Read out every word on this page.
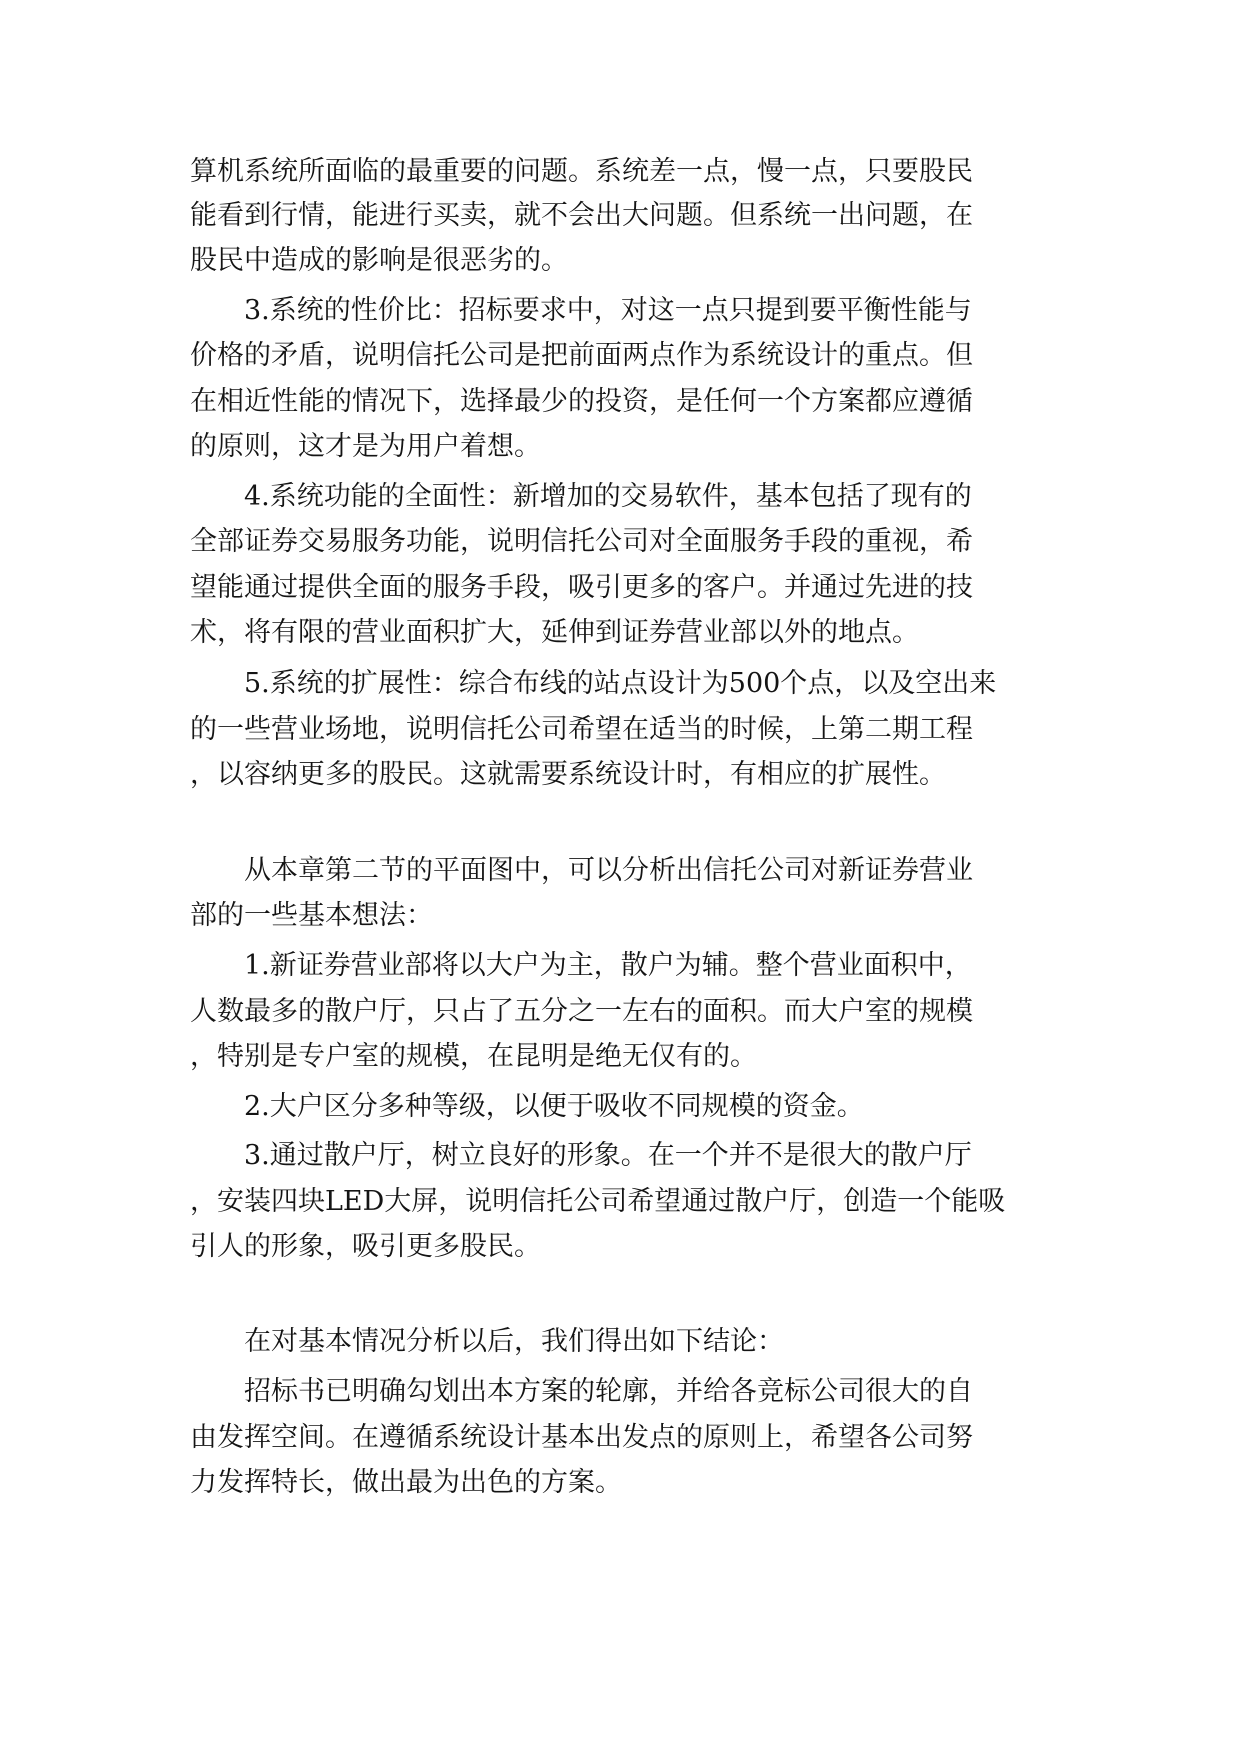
算机系统所面临的最重要的问题。系统差一点，慢一点，只要股民

能看到行情，能进行买卖，就不会出大问题。但系统一出问题，在

股民中造成的影响是很恶劣的。

3.系统的性价比：招标要求中，对这一点只提到要平衡性能与

价格的矛盾，说明信托公司是把前面两点作为系统设计的重点。但

在相近性能的情况下，选择最少的投资，是任何一个方案都应遵循

的原则，这才是为用户着想。

4.系统功能的全面性：新增加的交易软件，基本包括了现有的

全部证券交易服务功能，说明信托公司对全面服务手段的重视，希

望能通过提供全面的服务手段，吸引更多的客户。并通过先进的技

术，将有限的营业面积扩大，延伸到证券营业部以外的地点。

5.系统的扩展性：综合布线的站点设计为500个点，以及空出来

的一些营业场地，说明信托公司希望在适当的时候，上第二期工程

，以容纳更多的股民。这就需要系统设计时，有相应的扩展性。

从本章第二节的平面图中，可以分析出信托公司对新证券营业

部的一些基本想法：

1.新证券营业部将以大户为主，散户为辅。整个营业面积中，

人数最多的散户厅，只占了五分之一左右的面积。而大户室的规模

，特别是专户室的规模，在昆明是绝无仅有的。

2.大户区分多种等级，以便于吸收不同规模的资金。

3.通过散户厅，树立良好的形象。在一个并不是很大的散户厅

，安装四块LED大屏，说明信托公司希望通过散户厅，创造一个能吸

引人的形象，吸引更多股民。

在对基本情况分析以后，我们得出如下结论：

招标书已明确勾划出本方案的轮廓，并给各竞标公司很大的自

由发挥空间。在遵循系统设计基本出发点的原则上，希望各公司努

力发挥特长，做出最为出色的方案。
